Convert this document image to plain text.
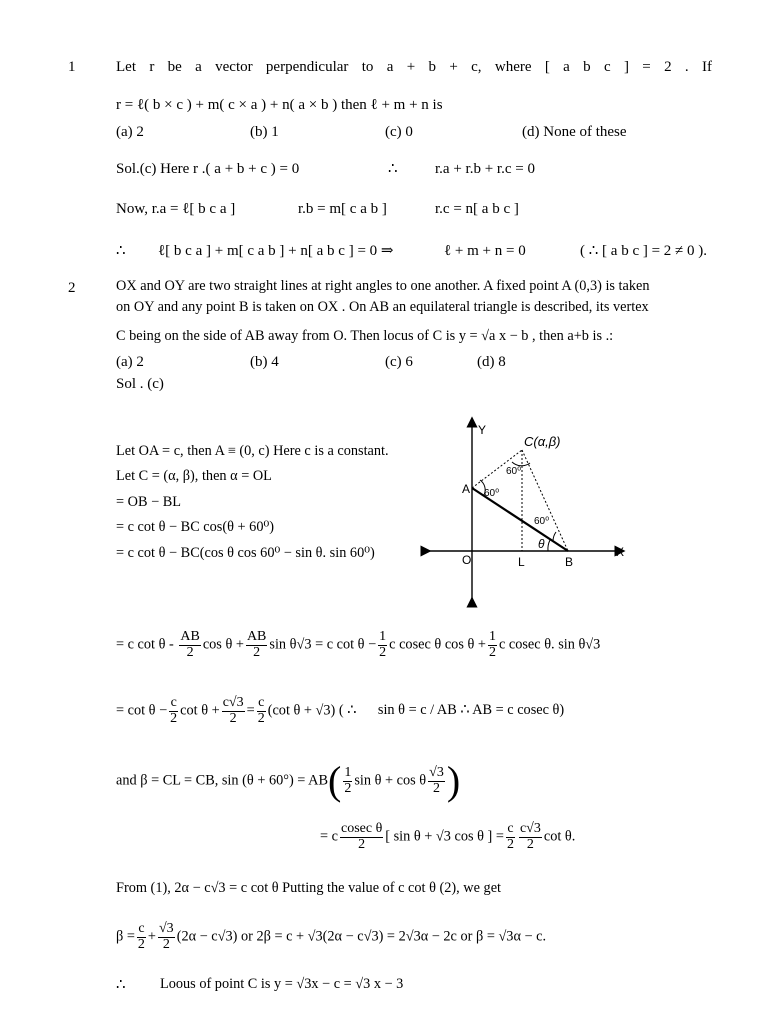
1	Let r be a vector perpendicular to a + b + c, where [ a b c ] = 2 . If
r = ℓ( b × c ) + m( c × a ) + n( a × b ) then ℓ + m + n is
(a) 2	(b) 1	(c) 0	(d) None of these
Sol.(c) Here r .( a + b + c ) = 0	∴ r.a + r.b + r.c = 0
Now, r.a = ℓ[ b c a ]	r.b = m[ c a b ]	r.c = n[ a b c ]
∴ ℓ[ b c a ] + m[ c a b ] + n[ a b c ] = 0 ⇒	ℓ + m + n = 0	( ∴ [ a b c ] = 2 ≠ 0 ).
2	OX and OY are two straight lines at right angles to one another. A fixed point A (0,3) is taken
on OY and any point B is taken on OX . On AB an equilateral triangle is described, its vertex
C being on the side of AB away from O. Then locus of C is y = √a x − b , then a+b is .:
(a) 2	(b) 4	(c) 6	(d) 8
Sol . (c)
Let OA = c, then A ≡ (0, c) Here c is a constant.
Let C = (α, β), then α = OL
= OB − BL
= c cot θ − BC cos(θ + 60⁰)
= c cot θ − BC(cos θ cos 60⁰ − sin θ. sin 60⁰)
Y
X
C(α,β)
A
O	L	B
60⁰
60⁰
60⁰
θ
= c cot θ - $\frac{AB}{2}$ $\cos \theta + \frac{AB}{2}$ sin θ√3 = c $\cot \theta - \frac{1}{2}$ c cosec θ $\cos \theta + \frac{1}{2}$ c cosec θ. sin θ√3
= $\cot \theta - \frac{c}{2}$ $\cot \theta + \frac{c√3}{2} = \frac{c}{2} (\cot$ θ + √3) ( ∴ sin θ = c / AB ∴ AB = c cosec θ)
and β = CL = CB, $\sin (\theta + 60^\circ) = AB( \frac{1}{2}$ sin θ + cos θ $\frac{√3}{2}$ )
= c $\frac{\text{cosec θ}}{2}$ [ sin θ + √3 cos θ ] = $\frac{c}{2} \frac{c√3}{2}$ cot θ.
From (1), 2α − c√3 = c cot θ Putting the value of c cot θ (2), we get
$\beta = \frac{c}{2} + \frac{√3}{2} (2\alpha - c√3)$ or 2β = c + √3(2α − c√3) = 2√3α − 2c or β = √3α − c.
∴ Loous of point C is y = √3x − c = √3 x − 3
